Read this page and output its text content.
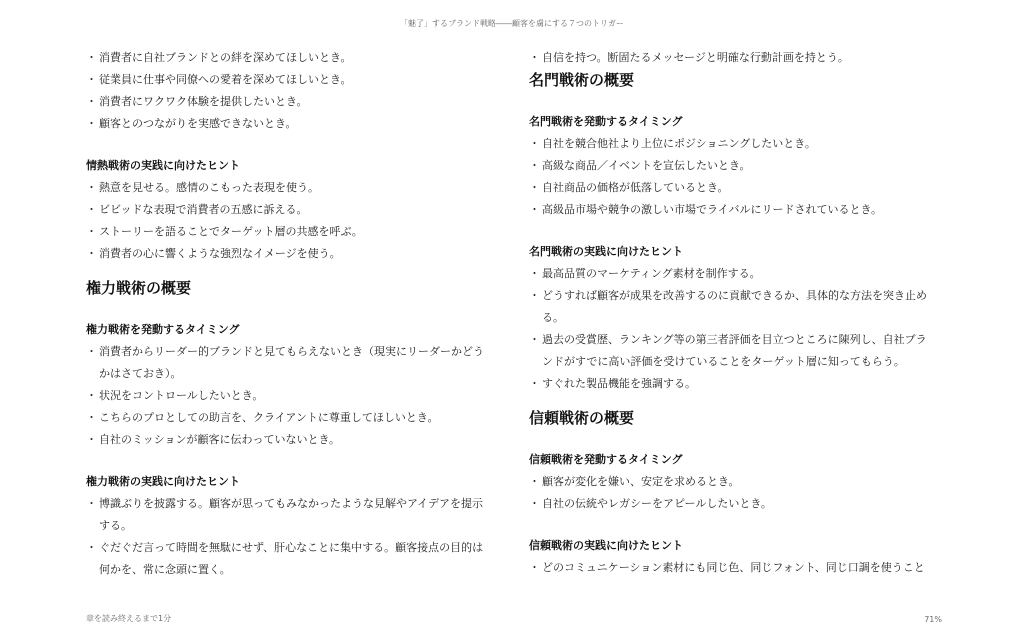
「魅了」するブランド戦略――顧客を虜にする７つのトリガー

・ 消費者に自社ブランドとの絆を深めてほしいとき。

・ 従業員に仕事や同僚への愛着を深めてほしいとき。

・ 消費者にワクワク体験を提供したいとき。

・ 顧客とのつながりを実感できないとき。

情熱戦術の実践に向けたヒント

・ 熱意を見せる。感情のこもった表現を使う。

・ ビビッドな表現で消費者の五感に訴える。

・ ストーリーを語ることでターゲット層の共感を呼ぶ。

・ 消費者の心に響くような強烈なイメージを使う。

権力戦術の概要

権力戦術を発動するタイミング

・ 消費者からリーダー的ブランドと見てもらえないとき（現実にリーダーかどう

かはさておき）。

・ 状況をコントロールしたいとき。

・ こちらのプロとしての助言を、クライアントに尊重してほしいとき。

・ 自社のミッションが顧客に伝わっていないとき。

権力戦術の実践に向けたヒント

・ 博識ぶりを披露する。顧客が思ってもみなかったような見解やアイデアを提示

する。

・ ぐだぐだ言って時間を無駄にせず、肝心なことに集中する。顧客接点の目的は

何かを、常に念頭に置く。

・ 自信を持つ。断固たるメッセージと明確な行動計画を持とう。

名門戦術の概要

名門戦術を発動するタイミング

・ 自社を競合他社より上位にポジショニングしたいとき。

・ 高級な商品／イベントを宣伝したいとき。

・ 自社商品の価格が低落しているとき。

・ 高級品市場や競争の激しい市場でライバルにリードされているとき。

名門戦術の実践に向けたヒント

・ 最高品質のマーケティング素材を制作する。

・ どうすれば顧客が成果を改善するのに貢献できるか、具体的な方法を突き止め

る。

・ 過去の受賞歴、ランキング等の第三者評価を目立つところに陳列し、自社ブラ

ンドがすでに高い評価を受けていることをターゲット層に知ってもらう。

・ すぐれた製品機能を強調する。

信頼戦術の概要

信頼戦術を発動するタイミング

・ 顧客が変化を嫌い、安定を求めるとき。

・ 自社の伝統やレガシーをアピールしたいとき。

信頼戦術の実践に向けたヒント

・ どのコミュニケーション素材にも同じ色、同じフォント、同じ口調を使うこと

章を読み終えるまで1分	71%
